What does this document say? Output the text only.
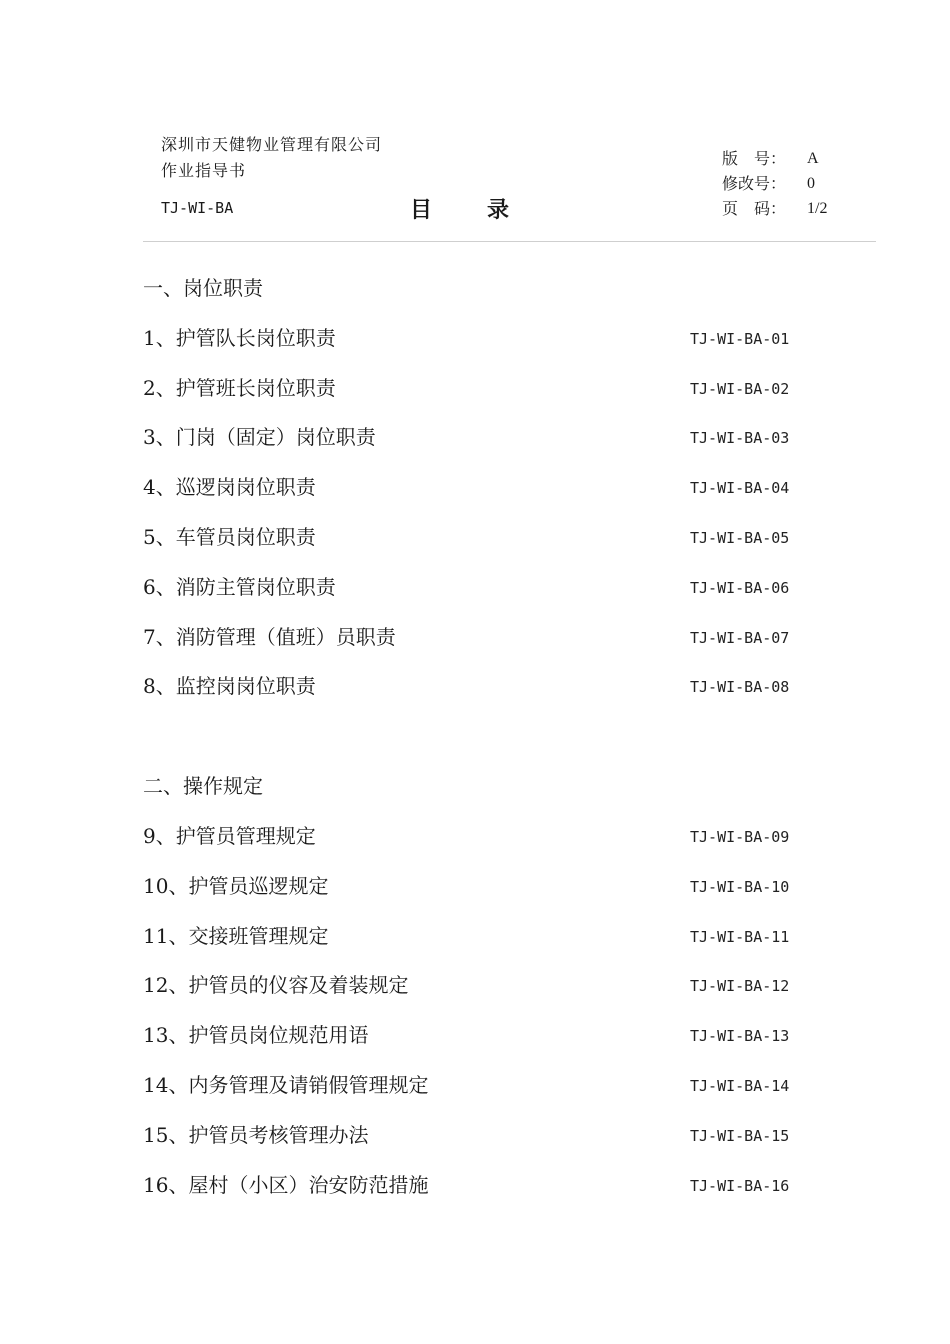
深圳市天健物业管理有限公司
作业指导书
TJ-WI-BA	目	录
版　号：	A
修改号：	0
页　码：	1/2
一、岗位职责
1、护管队长岗位职责	TJ-WI-BA-01
2、护管班长岗位职责	TJ-WI-BA-02
3、门岗（固定）岗位职责	TJ-WI-BA-03
4、巡逻岗岗位职责	TJ-WI-BA-04
5、车管员岗位职责	TJ-WI-BA-05
6、消防主管岗位职责	TJ-WI-BA-06
7、消防管理（值班）员职责	TJ-WI-BA-07
8、监控岗岗位职责	TJ-WI-BA-08
二、操作规定
9、护管员管理规定	TJ-WI-BA-09
10、护管员巡逻规定	TJ-WI-BA-10
11、交接班管理规定	TJ-WI-BA-11
12、护管员的仪容及着装规定	TJ-WI-BA-12
13、护管员岗位规范用语	TJ-WI-BA-13
14、内务管理及请销假管理规定	TJ-WI-BA-14
15、护管员考核管理办法	TJ-WI-BA-15
16、屋村（小区）治安防范措施	TJ-WI-BA-16
